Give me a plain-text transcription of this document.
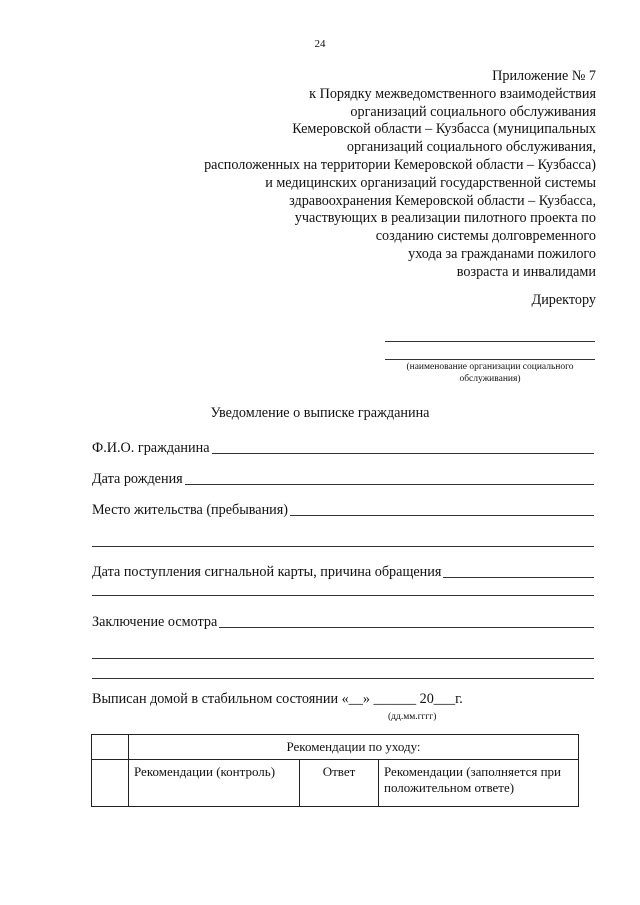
24
Приложение № 7
к Порядку межведомственного взаимодействия
организаций социального обслуживания
Кемеровской области – Кузбасса (муниципальных
организаций социального обслуживания,
расположенных на территории Кемеровской области – Кузбасса)
и медицинских организаций государственной системы
здравоохранения Кемеровской области – Кузбасса,
участвующих в реализации пилотного проекта по
созданию системы долговременного
ухода за гражданами пожилого
возраста и инвалидами
Директору
(наименование организации социального обслуживания)
Уведомление о выписке гражданина
Ф.И.О. гражданина
Дата рождения
Место жительства (пребывания)
Дата поступления сигнальной карты, причина обращения
Заключение осмотра
Выписан домой в стабильном состоянии «__» ______ 20___г.
(дд.мм.гггг)
	Рекомендации по уходу:		
	Рекомендации (контроль)	Ответ	Рекомендации (заполняется при положительном ответе)
